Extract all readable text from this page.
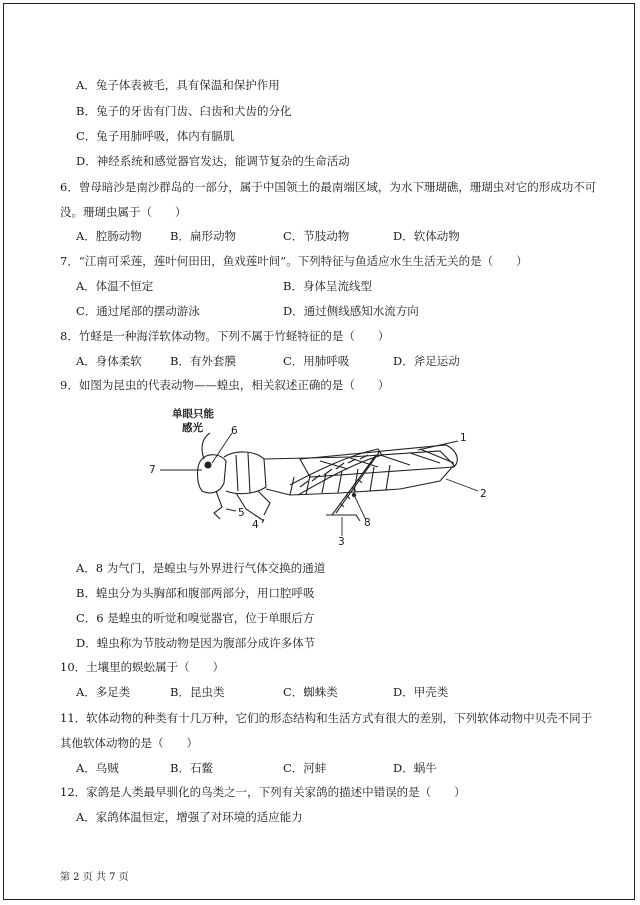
A．兔子体表被毛，具有保温和保护作用
B．兔子的牙齿有门齿、臼齿和犬齿的分化
C．兔子用肺呼吸，体内有膈肌
D．神经系统和感觉器官发达，能调节复杂的生命活动
6．曾母暗沙是南沙群岛的一部分，属于中国领土的最南端区域，为水下珊瑚礁，珊瑚虫对它的形成功不可
没。珊瑚虫属于（　　）
A．腔肠动物 B．扁形动物	C．节肢动物	D．软体动物
7．“江南可采莲，莲叶何田田，鱼戏莲叶间”。下列特征与鱼适应水生生活无关的是（　　）
A．体温不恒定	B．身体呈流线型
C．通过尾部的摆动游泳	D．通过侧线感知水流方向
8．竹蛏是一种海洋软体动物。下列不属于竹蛏特征的是（　　）
A．身体柔软 B．有外套膜	C．用肺呼吸	D．斧足运动
9．如图为昆虫的代表动物——蝗虫，相关叙述正确的是（　　）
单眼只能
感光	6
7
1
2
8
3
4
5
A．8 为气门，是蝗虫与外界进行气体交换的通道
B．蝗虫分为头胸部和腹部两部分，用口腔呼吸
C．6 是蝗虫的听觉和嗅觉器官，位于单眼后方
D．蝗虫称为节肢动物是因为腹部分成许多体节
10．土壤里的蜈蚣属于（　　）
A．多足类	B．昆虫类	C．蜘蛛类	D．甲壳类
11．软体动物的种类有十几万种，它们的形态结构和生活方式有很大的差别，下列软体动物中贝壳不同于
其他软体动物的是（　　）
A．乌贼	B．石鳖	C．河蚌	D．蜗牛
12．家鸽是人类最早驯化的鸟类之一，下列有关家鸽的描述中错误的是（　　）
A．家鸽体温恒定，增强了对环境的适应能力
第 2 页 共 7 页
